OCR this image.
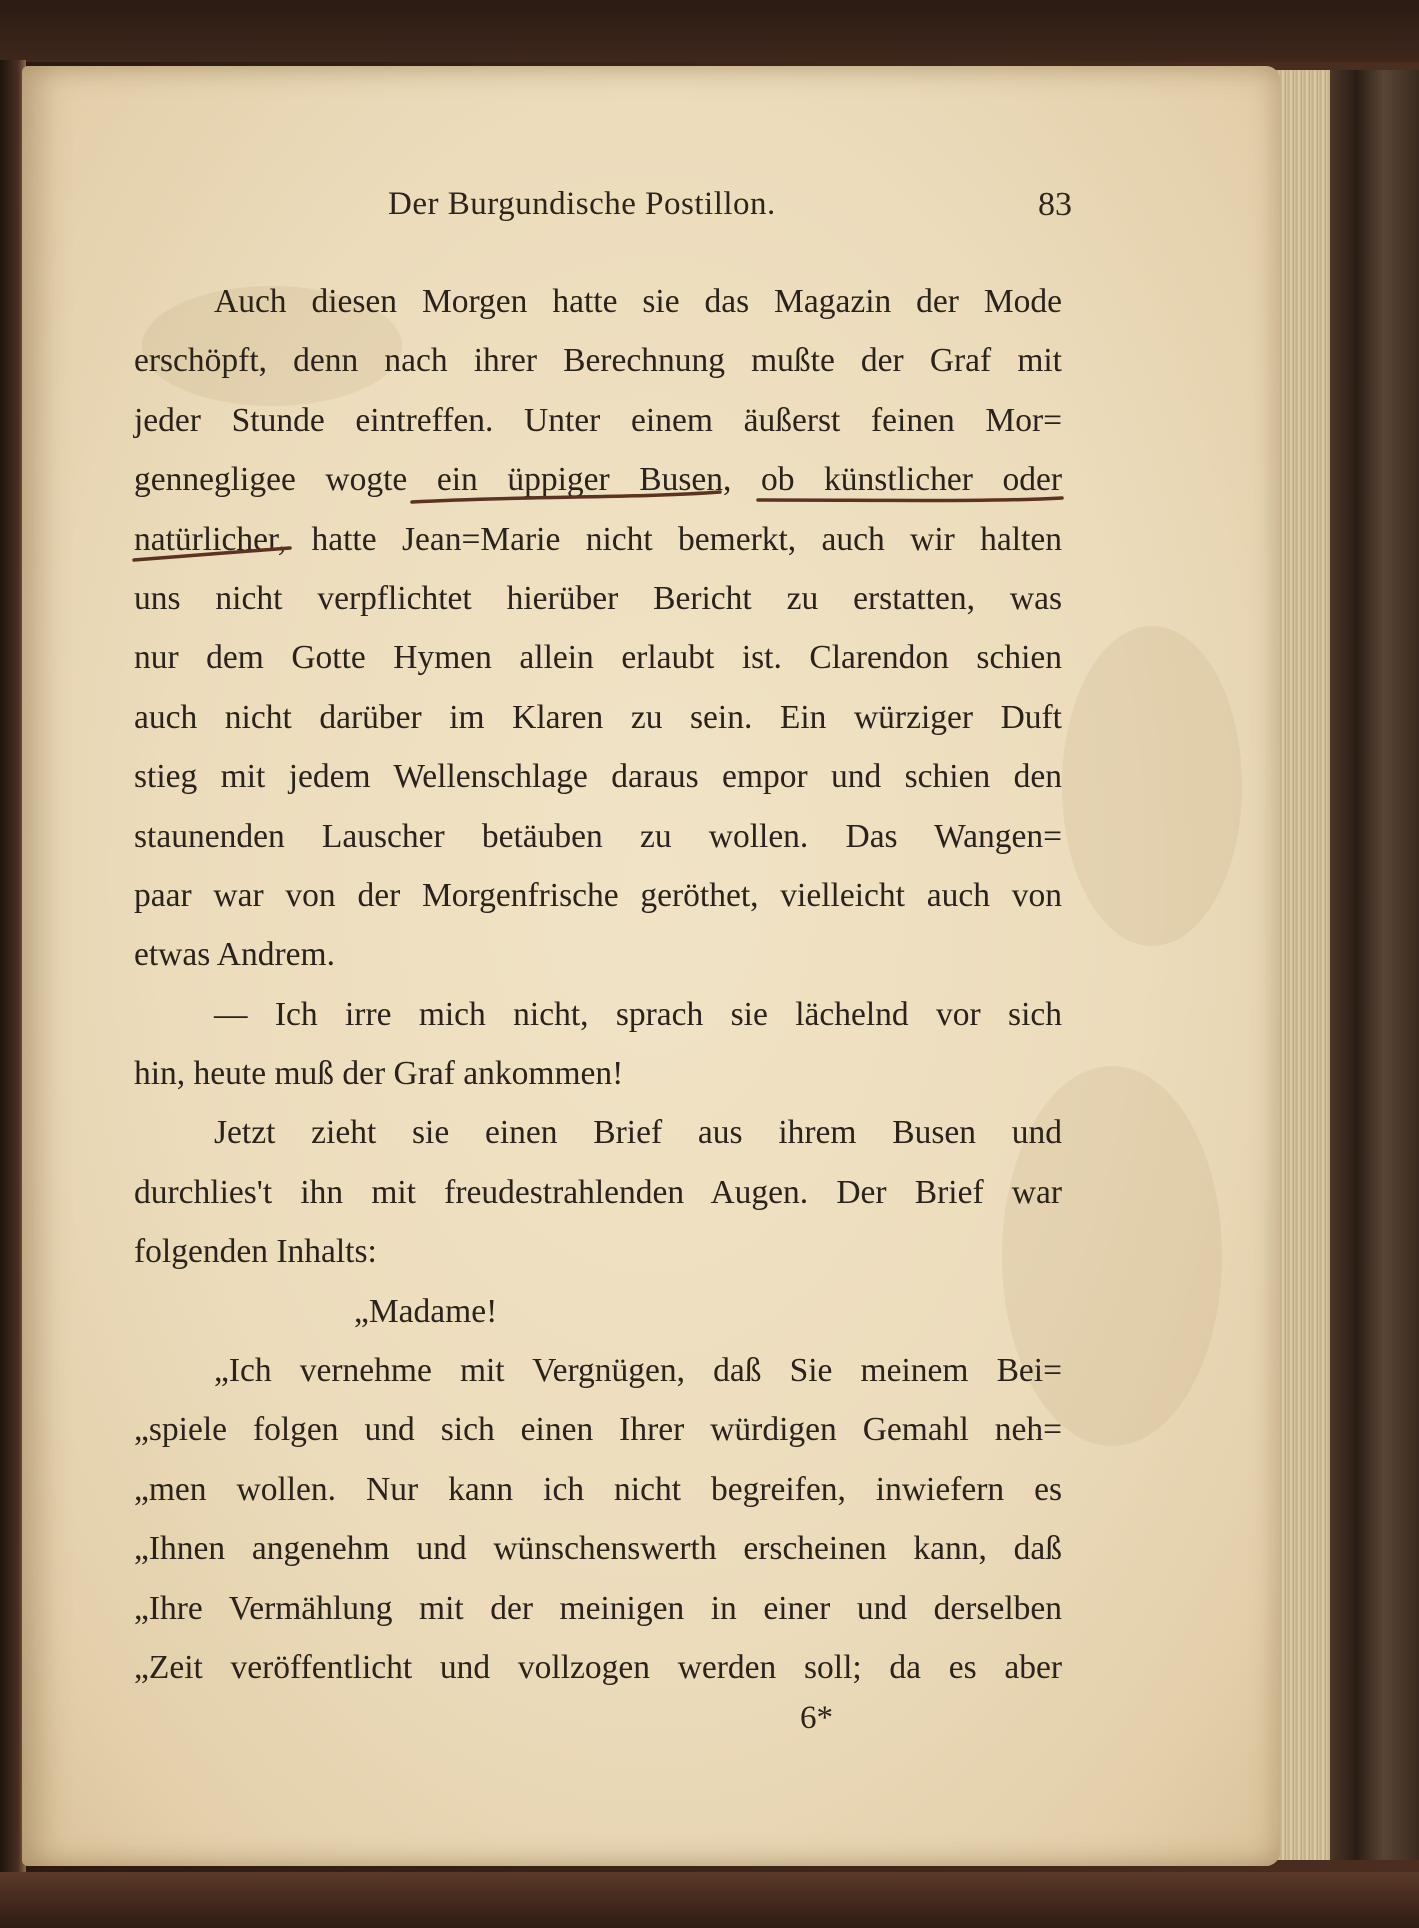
Der Burgundische Postillon.	83
Auch diesen Morgen hatte sie das Magazin der Mode
erschöpft, denn nach ihrer Berechnung mußte der Graf mit
jeder Stunde eintreffen. Unter einem äußerst feinen Mor=
gennegligee wogte ein üppiger Busen, ob künstlicher oder
natürlicher, hatte Jean=Marie nicht bemerkt, auch wir halten
uns nicht verpflichtet hierüber Bericht zu erstatten, was
nur dem Gotte Hymen allein erlaubt ist. Clarendon schien
auch nicht darüber im Klaren zu sein. Ein würziger Duft
stieg mit jedem Wellenschlage daraus empor und schien den
staunenden Lauscher betäuben zu wollen. Das Wangen=
paar war von der Morgenfrische geröthet, vielleicht auch von
etwas Andrem.
— Ich irre mich nicht, sprach sie lächelnd vor sich
hin, heute muß der Graf ankommen!
Jetzt zieht sie einen Brief aus ihrem Busen und
durchlies't ihn mit freudestrahlenden Augen. Der Brief war
folgenden Inhalts:
„Madame!
„Ich vernehme mit Vergnügen, daß Sie meinem Bei=
„spiele folgen und sich einen Ihrer würdigen Gemahl neh=
„men wollen. Nur kann ich nicht begreifen, inwiefern es
„Ihnen angenehm und wünschenswerth erscheinen kann, daß
„Ihre Vermählung mit der meinigen in einer und derselben
„Zeit veröffentlicht und vollzogen werden soll; da es aber
6*
